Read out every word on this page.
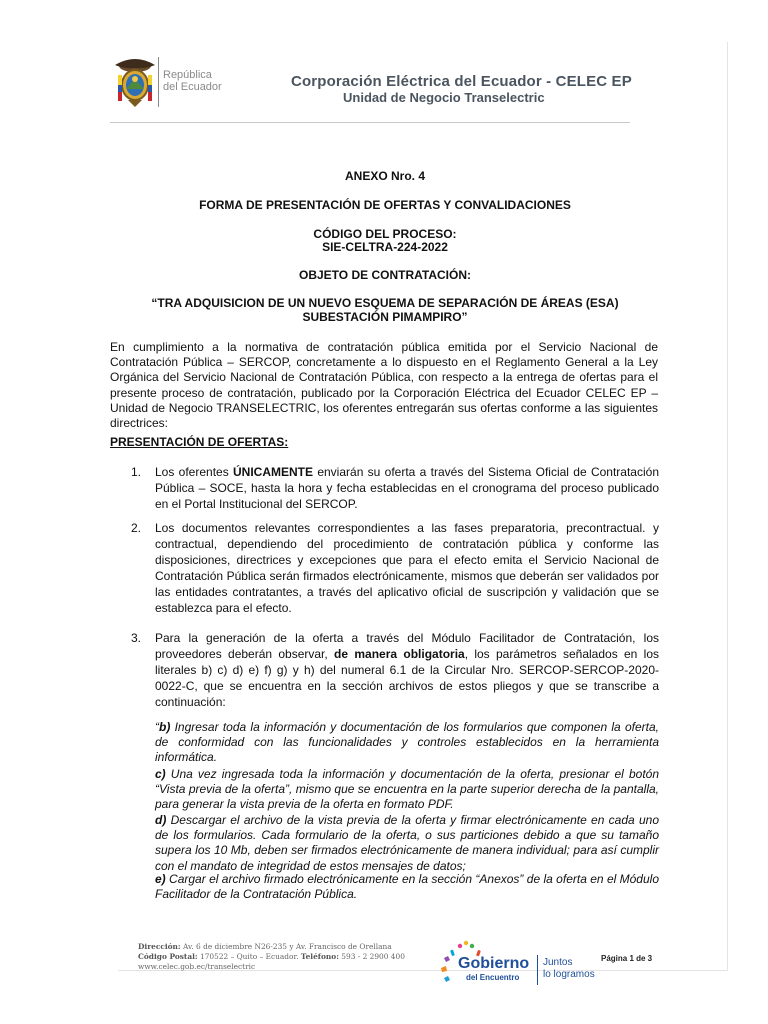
República
del Ecuador	Corporación Eléctrica del Ecuador - CELEC EP
Unidad de Negocio Transelectric
ANEXO Nro. 4
FORMA DE PRESENTACIÓN DE OFERTAS Y CONVALIDACIONES
CÓDIGO DEL PROCESO:
SIE-CELTRA-224-2022
OBJETO DE CONTRATACIÓN:
“TRA ADQUISICION DE UN NUEVO ESQUEMA DE SEPARACIÓN DE ÁREAS (ESA)
SUBESTACIÓN PIMAMPIRO”
En cumplimiento a la normativa de contratación pública emitida por el Servicio Nacional de Contratación Pública – SERCOP, concretamente a lo dispuesto en el Reglamento General a la Ley Orgánica del Servicio Nacional de Contratación Pública, con respecto a la entrega de ofertas para el presente proceso de contratación, publicado por la Corporación Eléctrica del Ecuador CELEC EP – Unidad de Negocio TRANSELECTRIC, los oferentes entregarán sus ofertas conforme a las siguientes directrices:
PRESENTACIÓN DE OFERTAS:
1. Los oferentes ÚNICAMENTE enviarán su oferta a través del Sistema Oficial de Contratación Pública – SOCE, hasta la hora y fecha establecidas en el cronograma del proceso publicado en el Portal Institucional del SERCOP.
2. Los documentos relevantes correspondientes a las fases preparatoria, precontractual. y contractual, dependiendo del procedimiento de contratación pública y conforme las disposiciones, directrices y excepciones que para el efecto emita el Servicio Nacional de Contratación Pública serán firmados electrónicamente, mismos que deberán ser validados por las entidades contratantes, a través del aplicativo oficial de suscripción y validación que se establezca para el efecto.
3. Para la generación de la oferta a través del Módulo Facilitador de Contratación, los proveedores deberán observar, de manera obligatoria, los parámetros señalados en los literales b) c) d) e) f) g) y h) del numeral 6.1 de la Circular Nro. SERCOP-SERCOP-2020-0022-C, que se encuentra en la sección archivos de estos pliegos y que se transcribe a continuación:
“b) Ingresar toda la información y documentación de los formularios que componen la oferta, de conformidad con las funcionalidades y controles establecidos en la herramienta informática.
c) Una vez ingresada toda la información y documentación de la oferta, presionar el botón “Vista previa de la oferta”, mismo que se encuentra en la parte superior derecha de la pantalla, para generar la vista previa de la oferta en formato PDF.
d) Descargar el archivo de la vista previa de la oferta y firmar electrónicamente en cada uno de los formularios. Cada formulario de la oferta, o sus particiones debido a que su tamaño supera los 10 Mb, deben ser firmados electrónicamente de manera individual; para así cumplir con el mandato de integridad de estos mensajes de datos;
e) Cargar el archivo firmado electrónicamente en la sección “Anexos” de la oferta en el Módulo Facilitador de la Contratación Pública.
Dirección: Av. 6 de diciembre N26-235 y Av. Francisco de Orellana
Código Postal: 170522 – Quito – Ecuador. Teléfono: 593 - 2 2900 400
www.celec.gob.ec/transelectric	Gobierno
del Encuentro
Juntos
lo logramos
Página 1 de 3
